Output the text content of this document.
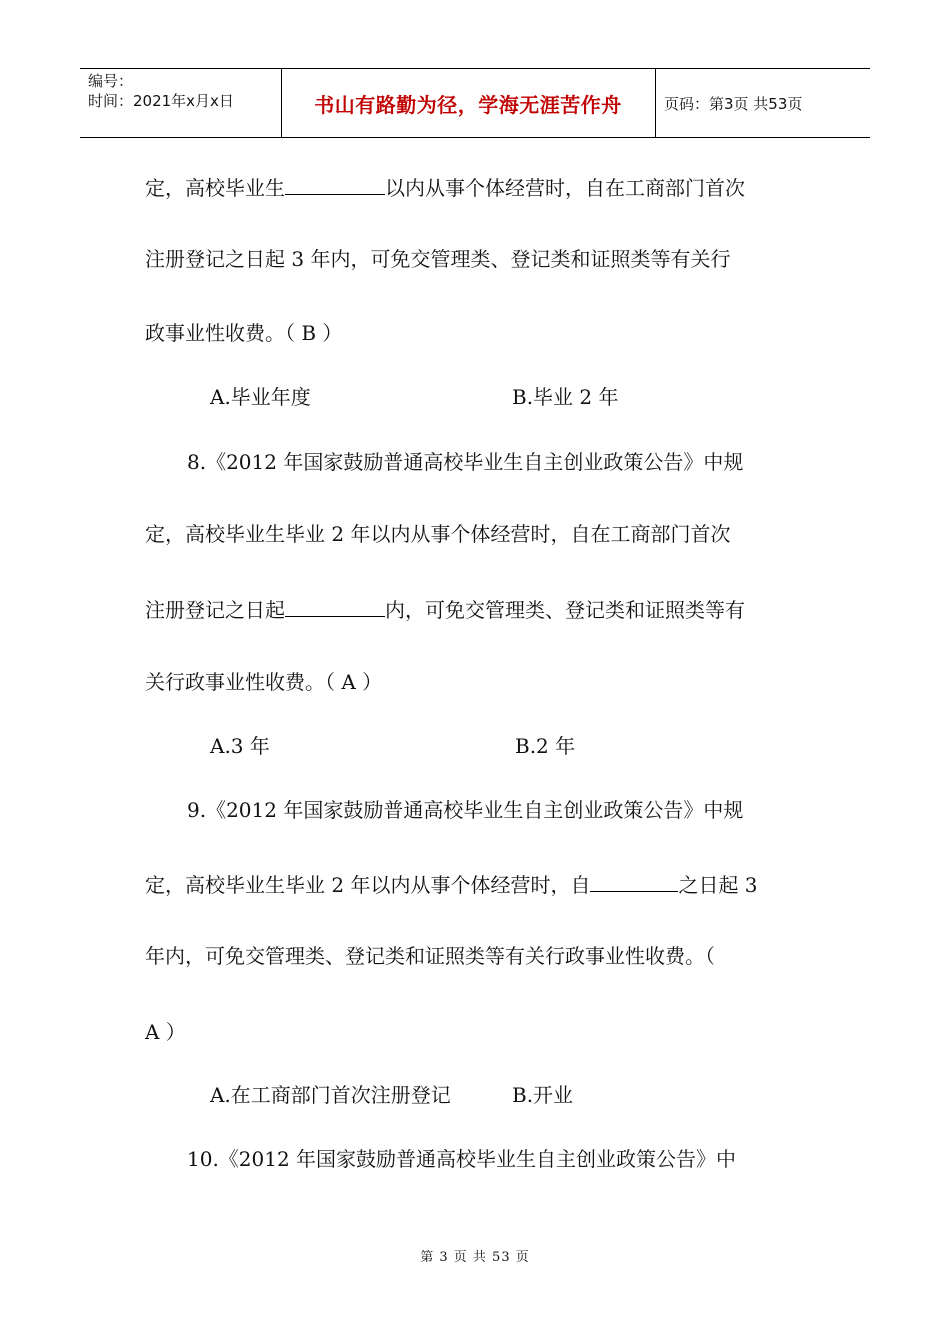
编号：
时间：2021年x月x日	书山有路勤为径，学海无涯苦作舟	页码：第3页 共53页
定，高校毕业生	以内从事个体经营时，自在工商部门首次
注册登记之日起 3 年内，可免交管理类、登记类和证照类等有关行
政事业性收费。（ B ）
A.毕业年度	B.毕业 2 年
8.《2012 年国家鼓励普通高校毕业生自主创业政策公告》中规
定，高校毕业生毕业 2 年以内从事个体经营时，自在工商部门首次
注册登记之日起	内，可免交管理类、登记类和证照类等有
关行政事业性收费。（ A ）
A.3 年	B.2 年
9.《2012 年国家鼓励普通高校毕业生自主创业政策公告》中规
定，高校毕业生毕业 2 年以内从事个体经营时，自	之日起 3
年内，可免交管理类、登记类和证照类等有关行政事业性收费。（
A ）
A.在工商部门首次注册登记	B.开业
10.《2012 年国家鼓励普通高校毕业生自主创业政策公告》中
第 3 页 共 53 页
